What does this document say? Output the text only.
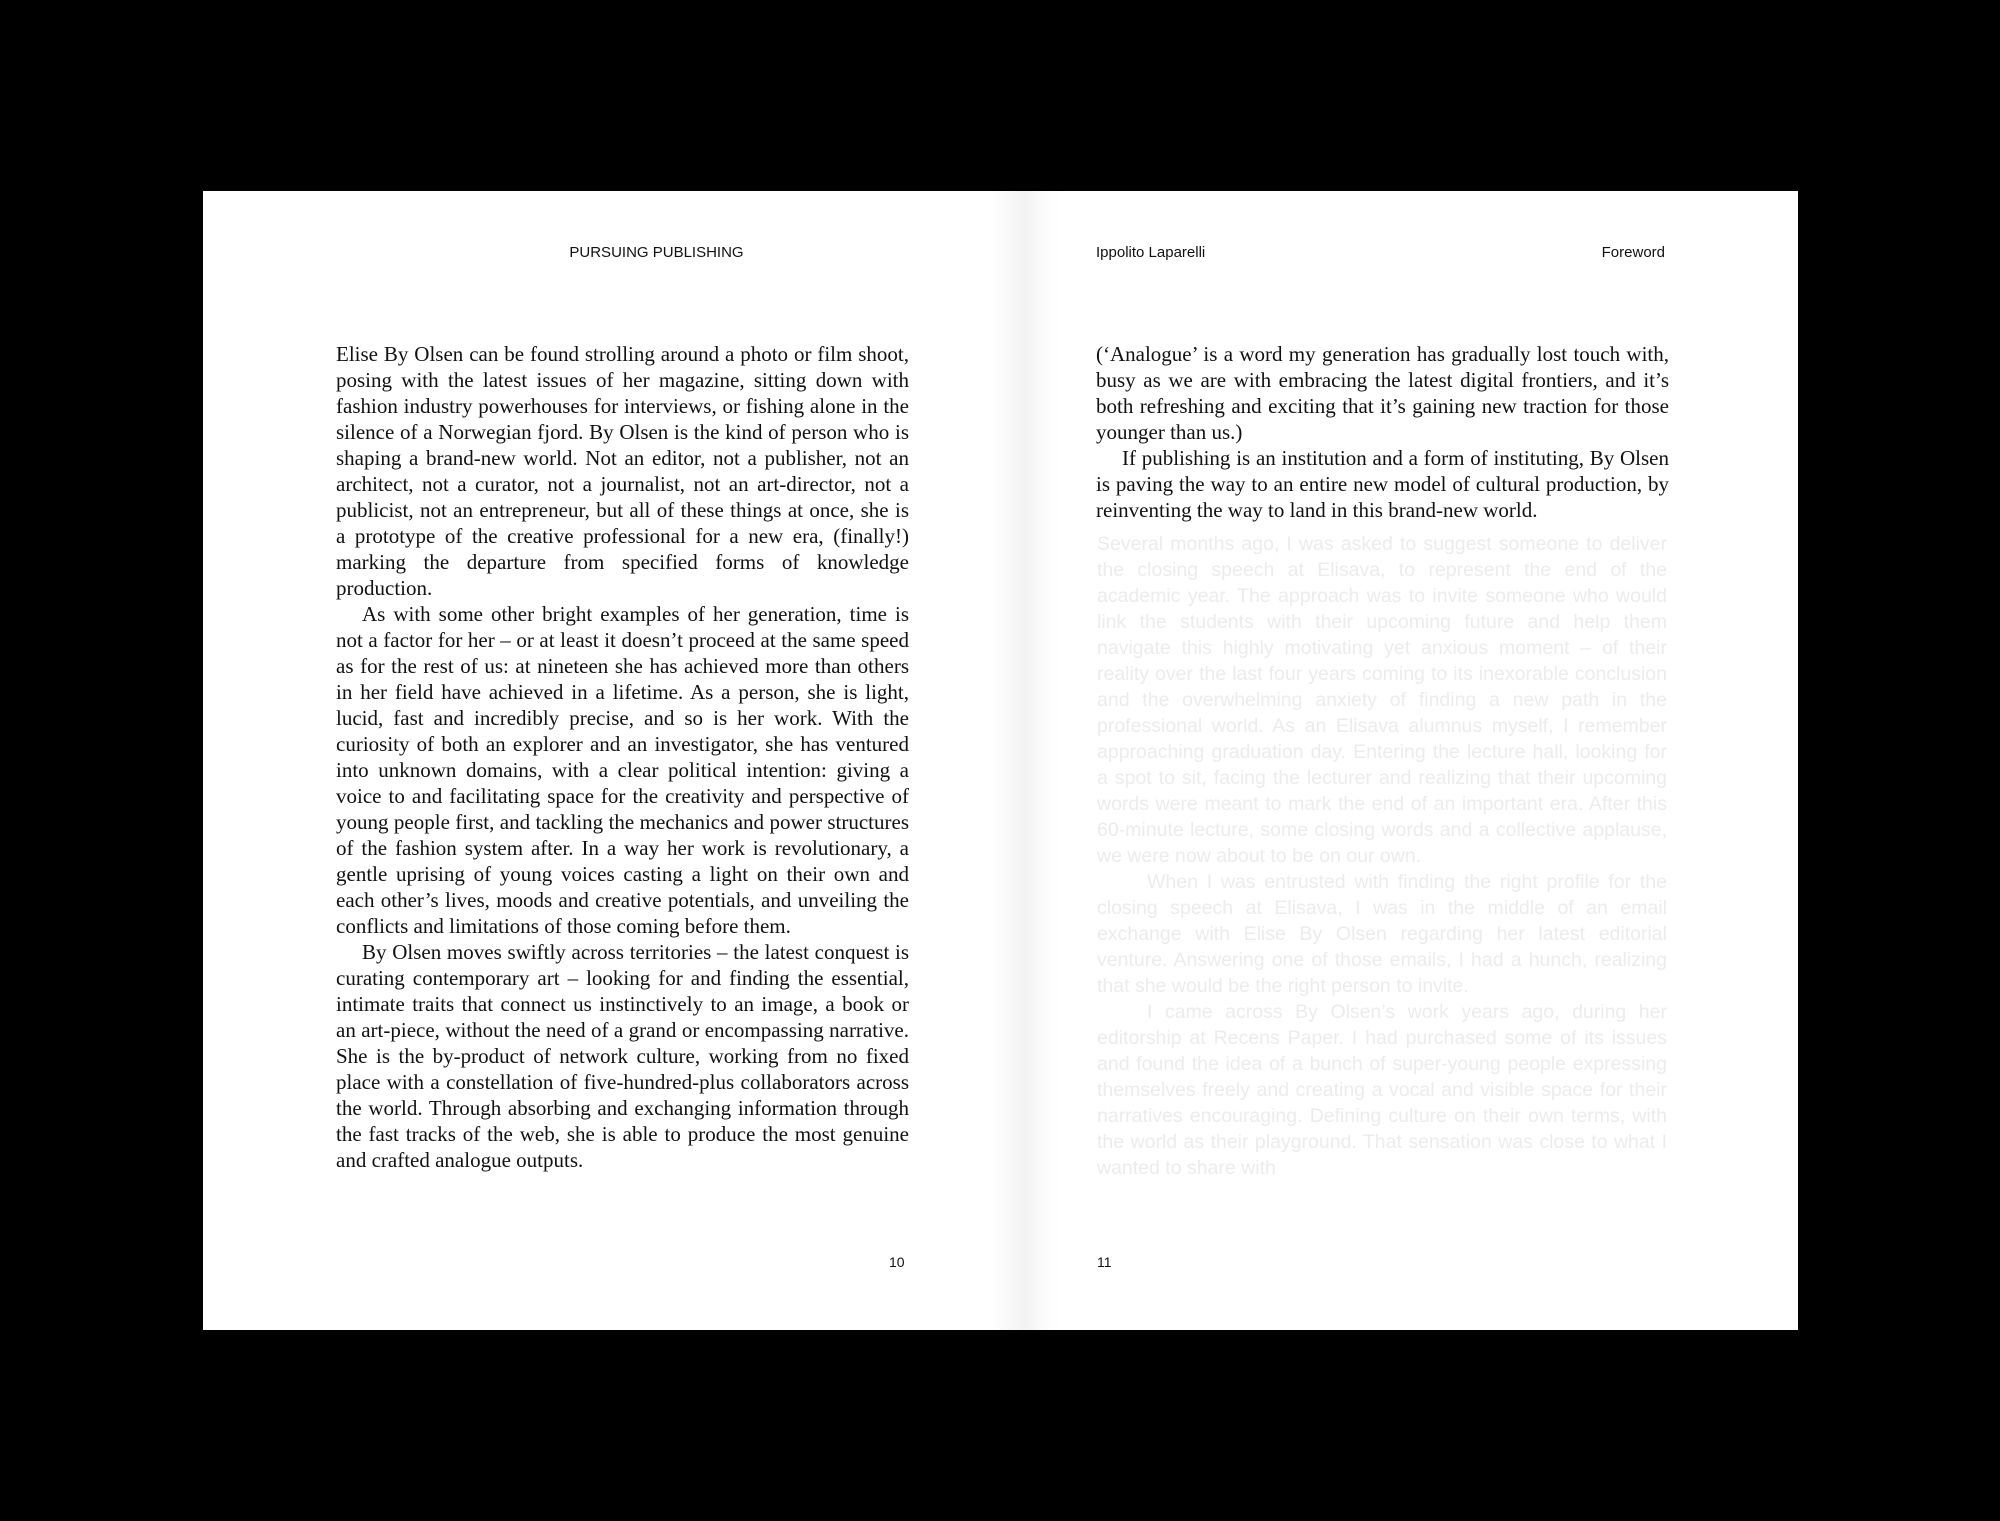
PURSUING PUBLISHING

Elise By Olsen can be found strolling around a photo or film shoot, posing with the latest issues of her magazine, sitting down with fashion industry powerhouses for interviews, or fishing alone in the silence of a Norwegian fjord. By Olsen is the kind of person who is shaping a brand-new world. Not an editor, not a publisher, not an architect, not a curator, not a journalist, not an art-director, not a publicist, not an entrepreneur, but all of these things at once, she is a prototype of the creative professional for a new era, (finally!) marking the departure from specified forms of knowledge production.

As with some other bright examples of her generation, time is not a factor for her – or at least it doesn’t proceed at the same speed as for the rest of us: at nineteen she has achieved more than others in her field have achieved in a lifetime. As a person, she is light, lucid, fast and incredibly precise, and so is her work. With the curiosity of both an explorer and an investigator, she has ventured into unknown domains, with a clear political intention: giving a voice to and facilitating space for the creativity and perspective of young people first, and tackling the mechanics and power structures of the fashion system after. In a way her work is revolutionary, a gentle uprising of young voices casting a light on their own and each other’s lives, moods and creative potentials, and unveiling the conflicts and limitations of those coming before them.

By Olsen moves swiftly across territories – the latest conquest is curating contemporary art – looking for and finding the essential, intimate traits that connect us instinctively to an image, a book or an art-piece, without the need of a grand or encompassing narrative. She is the by-product of network culture, working from no fixed place with a constellation of five-hundred-plus collaborators across the world. Through absorbing and exchanging information through the fast tracks of the web, she is able to produce the most genuine and crafted analogue outputs.

10
Ippolito Laparelli	Foreword

(‘Analogue’ is a word my generation has gradually lost touch with, busy as we are with embracing the latest digital frontiers, and it’s both refreshing and exciting that it’s gaining new traction for those younger than us.)

If publishing is an institution and a form of instituting, By Olsen is paving the way to an entire new model of cultural production, by reinventing the way to land in this brand-new world.

Several months ago, I was asked to suggest someone to deliver the closing speech at Elisava, to represent the end of the academic year. The approach was to invite someone who would link the students with their upcoming future and help them navigate this highly motivating yet anxious moment – of their reality over the last four years coming to its inexorable conclusion and the overwhelming anxiety of finding a new path in the professional world. As an Elisava alumnus myself, I remember approaching graduation day. Entering the lecture hall, looking for a spot to sit, facing the lecturer and realizing that their upcoming words were meant to mark the end of an important era. After this 60-minute lecture, some closing words and a collective applause, we were now about to be on our own.

When I was entrusted with finding the right profile for the closing speech at Elisava, I was in the middle of an email exchange with Elise By Olsen regarding her latest editorial venture. Answering one of those emails, I had a hunch, realizing that she would be the right person to invite.

I came across By Olsen’s work years ago, during her editorship at Recens Paper. I had purchased some of its issues and found the idea of a bunch of super-young people expressing themselves freely and creating a vocal and visible space for their narratives encouraging. Defining culture on their own terms, with the world as their playground. That sensation was close to what I wanted to share with

11
